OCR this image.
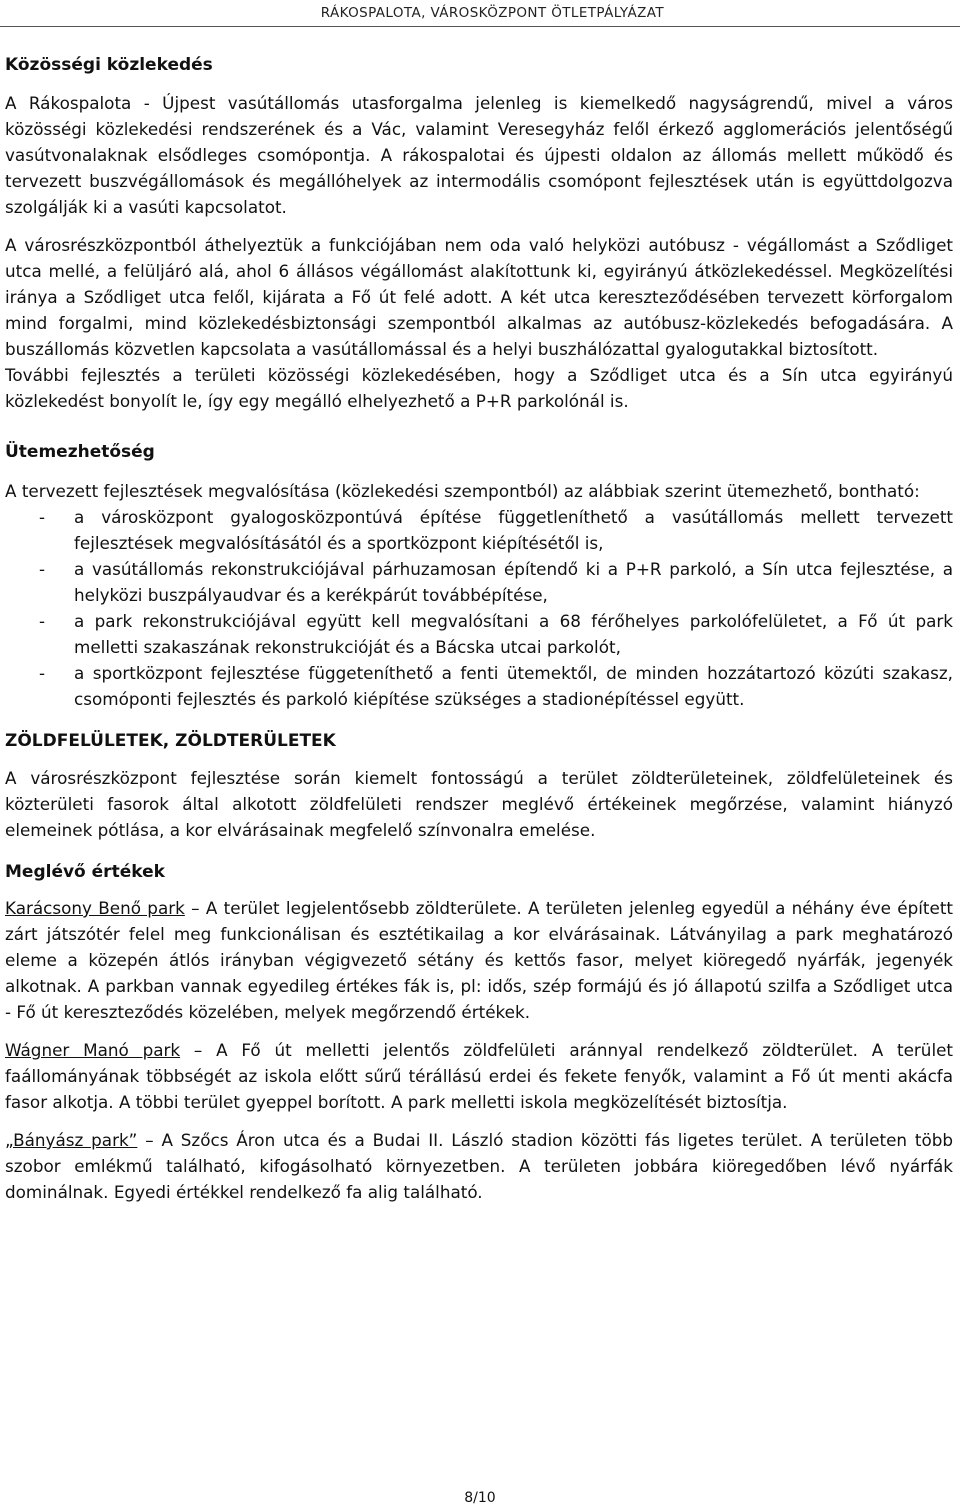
RÁKOSPALOTA, VÁROSKÖZPONT ÖTLETPÁLYÁZAT
Közösségi közlekedés

A Rákospalota - Újpest vasútállomás utasforgalma jelenleg is kiemelkedő nagyságrendű, mivel a város közösségi közlekedési rendszerének és a Vác, valamint Veresegyház felől érkező agglomerációs jelentőségű vasútvonalaknak elsődleges csomópontja. A rákospalotai és újpesti oldalon az állomás mellett működő és tervezett buszvégállomások és megállóhelyek az intermodális csomópont fejlesztések után is együttdolgozva szolgálják ki a vasúti kapcsolatot.

A városrészközpontból áthelyeztük a funkciójában nem oda való helyközi autóbusz - végállomást a Sződliget utca mellé, a felüljáró alá, ahol 6 állásos végállomást alakítottunk ki, egyirányú átközlekedéssel. Megközelítési iránya a Sződliget utca felől, kijárata a Fő út felé adott. A két utca kereszteződésében tervezett körforgalom mind forgalmi, mind közlekedésbiztonsági szempontból alkalmas az autóbusz-közlekedés befogadására. A buszállomás közvetlen kapcsolata a vasútállomással és a helyi buszhálózattal gyalogutakkal biztosított.

További fejlesztés a területi közösségi közlekedésében, hogy a Sződliget utca és a Sín utca egyirányú közlekedést bonyolít le, így egy megálló elhelyezhető a P+R parkolónál is.

Ütemezhetőség

A tervezett fejlesztések megvalósítása (közlekedési szempontból) az alábbiak szerint ütemezhető, bontható:

- a városközpont gyalogosközpontúvá építése függetleníthető a vasútállomás mellett tervezett fejlesztések megvalósításától és a sportközpont kiépítésétől is,
- a vasútállomás rekonstrukciójával párhuzamosan építendő ki a P+R parkoló, a Sín utca fejlesztése, a helyközi buszpályaudvar és a kerékpárút továbbépítése,
- a park rekonstrukciójával együtt kell megvalósítani a 68 férőhelyes parkolófelületet, a Fő út park melletti szakaszának rekonstrukcióját és a Bácska utcai parkolót,
- a sportközpont fejlesztése függeteníthető a fenti ütemektől, de minden hozzátartozó közúti szakasz, csomóponti fejlesztés és parkoló kiépítése szükséges a stadionépítéssel együtt.
ZÖLDFELÜLETEK, ZÖLDTERÜLETEK

A városrészközpont fejlesztése során kiemelt fontosságú a terület zöldterületeinek, zöldfelületeinek és közterületi fasorok által alkotott zöldfelületi rendszer meglévő értékeinek megőrzése, valamint hiányzó elemeinek pótlása, a kor elvárásainak megfelelő színvonalra emelése.

Meglévő értékek

Karácsony Benő park – A terület legjelentősebb zöldterülete. A területen jelenleg egyedül a néhány éve épített zárt játszótér felel meg funkcionálisan és esztétikailag a kor elvárásainak. Látványilag a park meghatározó eleme a közepén átlós irányban végigvezető sétány és kettős fasor, melyet kiöregedő nyárfák, jegenyék alkotnak. A parkban vannak egyedileg értékes fák is, pl: idős, szép formájú és jó állapotú szilfa a Sződliget utca - Fő út kereszteződés közelében, melyek megőrzendő értékek.

Wágner Manó park – A Fő út melletti jelentős zöldfelületi aránnyal rendelkező zöldterület. A terület faállományának többségét az iskola előtt sűrű térállású erdei és fekete fenyők, valamint a Fő út menti akácfa fasor alkotja. A többi terület gyeppel borított. A park melletti iskola megközelítését biztosítja.

„Bányász park” – A Szőcs Áron utca és a Budai II. László stadion közötti fás ligetes terület. A területen több szobor emlékmű található, kifogásolható környezetben. A területen jobbára kiöregedőben lévő nyárfák dominálnak. Egyedi értékkel rendelkező fa alig található.

8/10
